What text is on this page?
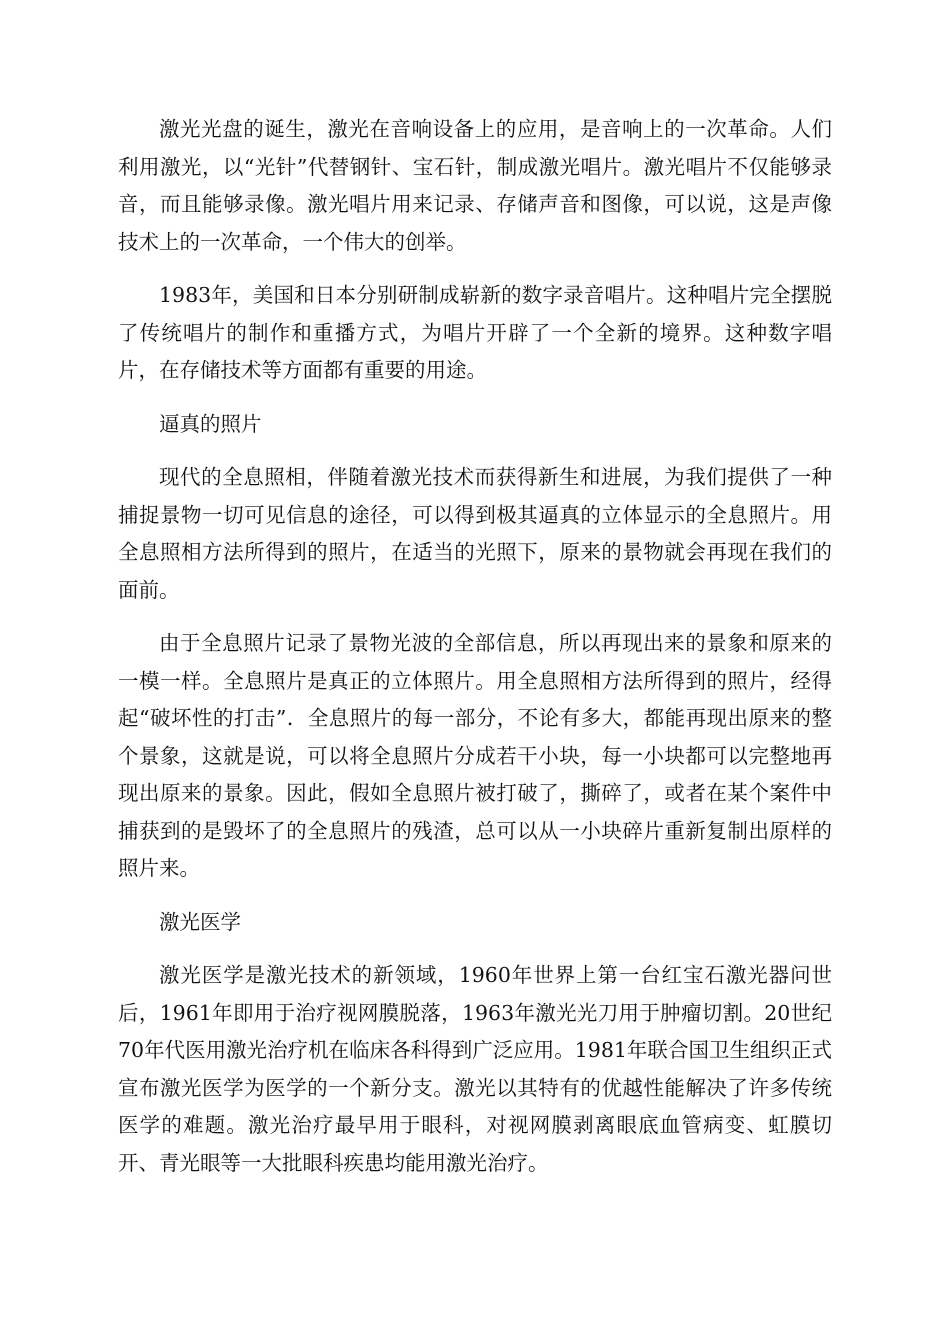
激光光盘的诞生，激光在音响设备上的应用，是音响上的一次革命。人们利用激光，以“光针”代替钢针、宝石针，制成激光唱片。激光唱片不仅能够录音，而且能够录像。激光唱片用来记录、存储声音和图像，可以说，这是声像技术上的一次革命，一个伟大的创举。

1983年，美国和日本分别研制成崭新的数字录音唱片。这种唱片完全摆脱了传统唱片的制作和重播方式，为唱片开辟了一个全新的境界。这种数字唱片，在存储技术等方面都有重要的用途。

逼真的照片

现代的全息照相，伴随着激光技术而获得新生和进展，为我们提供了一种捕捉景物一切可见信息的途径，可以得到极其逼真的立体显示的全息照片。用全息照相方法所得到的照片，在适当的光照下，原来的景物就会再现在我们的面前。

由于全息照片记录了景物光波的全部信息，所以再现出来的景象和原来的一模一样。全息照片是真正的立体照片。用全息照相方法所得到的照片，经得起“破坏性的打击”．全息照片的每一部分，不论有多大，都能再现出原来的整个景象，这就是说，可以将全息照片分成若干小块，每一小块都可以完整地再现出原来的景象。因此，假如全息照片被打破了，撕碎了，或者在某个案件中捕获到的是毁坏了的全息照片的残渣，总可以从一小块碎片重新复制出原样的照片来。

激光医学

激光医学是激光技术的新领域，1960年世界上第一台红宝石激光器问世后，1961年即用于治疗视网膜脱落，1963年激光光刀用于肿瘤切割。20世纪70年代医用激光治疗机在临床各科得到广泛应用。1981年联合国卫生组织正式宣布激光医学为医学的一个新分支。激光以其特有的优越性能解决了许多传统医学的难题。激光治疗最早用于眼科，对视网膜剥离眼底血管病变、虹膜切开、青光眼等一大批眼科疾患均能用激光治疗。
